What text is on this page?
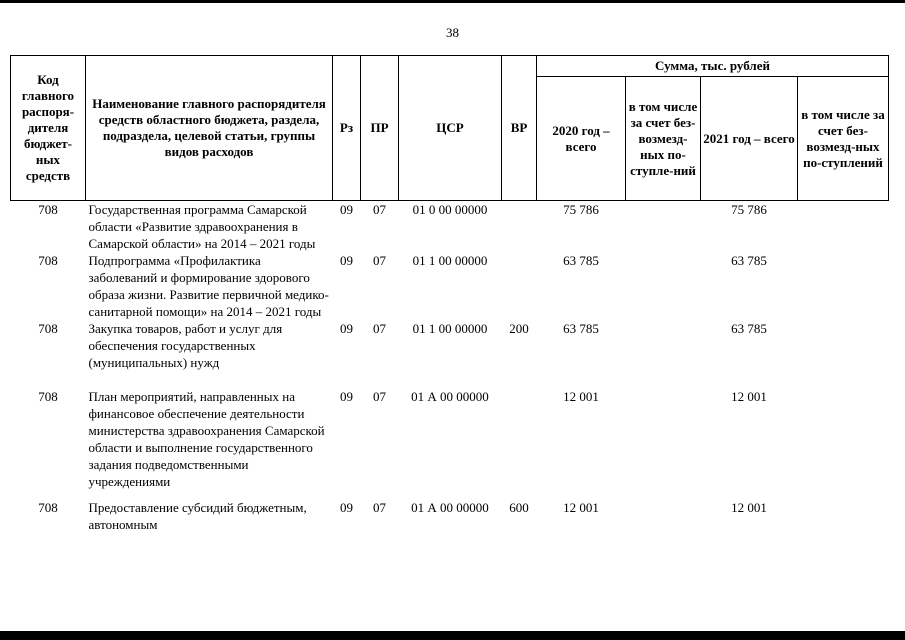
38
Код главного распоря-дителя бюджет-ных средств	Наименование главного распорядителя средств областного бюджета, раздела, подраздела, целевой статьи, группы видов расходов	Рз	ПР	ЦСР	ВР	Сумма, тыс. рублей			
						2020 год – всего	в том числе за счет без-возмезд-ных по-ступле-ний	2021 год – всего	в том числе за счет без-возмезд-ных по-ступлений
708	Государственная программа Самарской области «Развитие здравоохранения в Самарской области» на 2014 – 2021 годы	09	07	01 0 00 00000		75 786		75 786	
708	Подпрограмма «Профилактика заболеваний и формирование здорового образа жизни. Развитие первичной медико-санитарной помощи» на 2014 – 2021 годы	09	07	01 1 00 00000		63 785		63 785	
708	Закупка товаров, работ и услуг для обеспечения государственных (муниципальных) нужд	09	07	01 1 00 00000	200	63 785		63 785	

708	План мероприятий, направленных на финансовое обеспечение деятельности министерства здравоохранения Самарской области и выполнение государственного задания подведомственными учреждениями	09	07	01 А 00 00000		12 001		12 001	

708	Предоставление субсидий бюджетным, автономным	09	07	01 А 00 00000	600	12 001		12 001	
